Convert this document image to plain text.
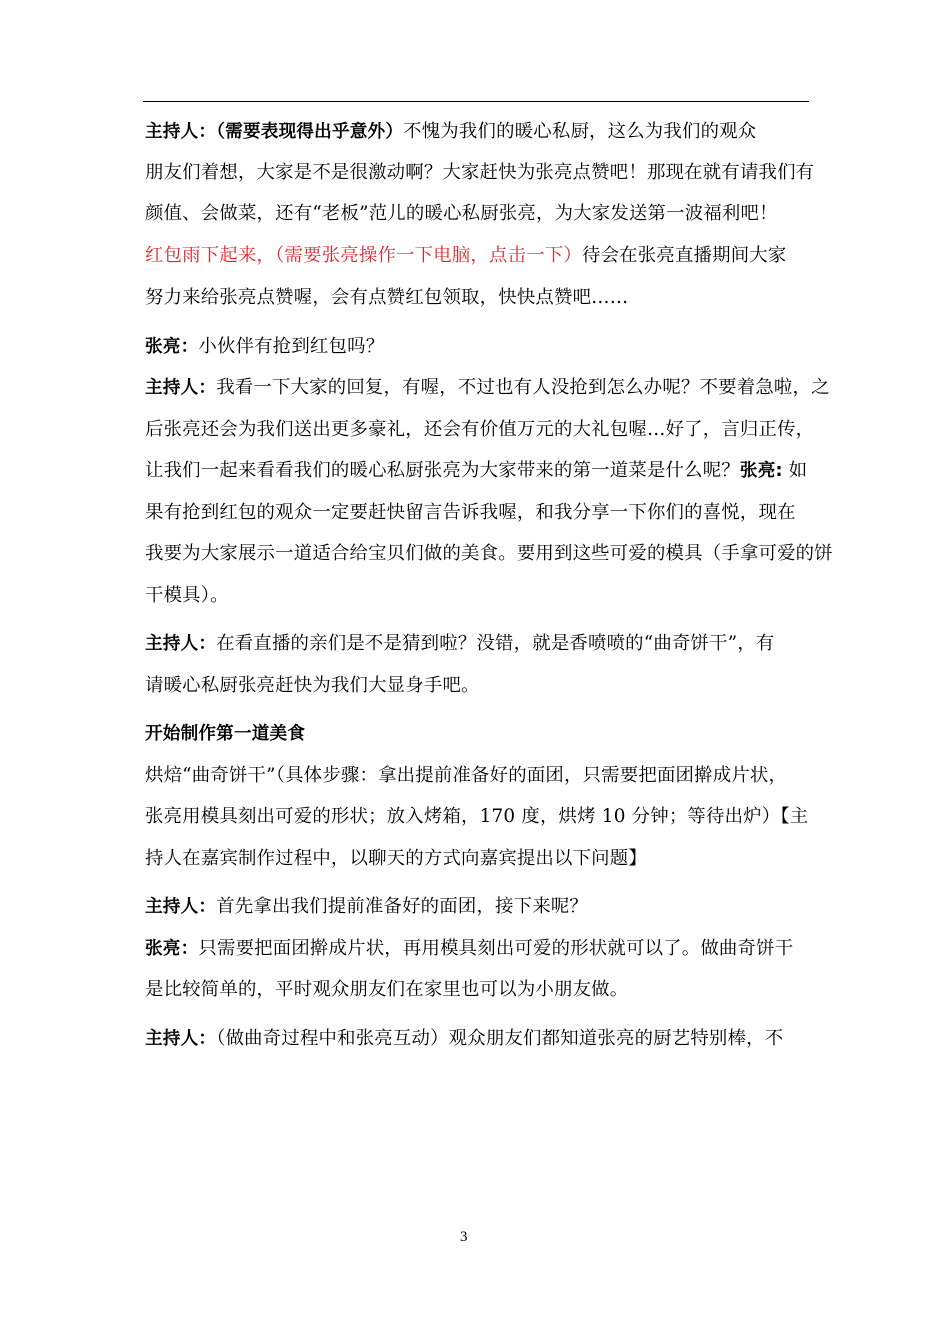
主持人：（需要表现得出乎意外）不愧为我们的暖心私厨，这么为我们的观众
朋友们着想，大家是不是很激动啊？大家赶快为张亮点赞吧！那现在就有请我们有
颜值、会做菜，还有“老板”范儿的暖心私厨张亮，为大家发送第一波福利吧！
红包雨下起来，（需要张亮操作一下电脑，点击一下）待会在张亮直播期间大家
努力来给张亮点赞喔，会有点赞红包领取，快快点赞吧……
张亮：小伙伴有抢到红包吗？
主持人：我看一下大家的回复，有喔，不过也有人没抢到怎么办呢？不要着急啦，之
后张亮还会为我们送出更多豪礼，还会有价值万元的大礼包喔…好了，言归正传，
让我们一起来看看我们的暖心私厨张亮为大家带来的第一道菜是什么呢？张亮: 如
果有抢到红包的观众一定要赶快留言告诉我喔，和我分享一下你们的喜悦，现在
我要为大家展示一道适合给宝贝们做的美食。要用到这些可爱的模具（手拿可爱的饼
干模具）。
主持人：在看直播的亲们是不是猜到啦？没错，就是香喷喷的“曲奇饼干”，有
请暖心私厨张亮赶快为我们大显身手吧。
开始制作第一道美食
烘焙“曲奇饼干”（具体步骤：拿出提前准备好的面团，只需要把面团擀成片状，
张亮用模具刻出可爱的形状；放入烤箱，170 度，烘烤 10 分钟；等待出炉）【主
持人在嘉宾制作过程中，以聊天的方式向嘉宾提出以下问题】
主持人：首先拿出我们提前准备好的面团，接下来呢？
张亮：只需要把面团擀成片状，再用模具刻出可爱的形状就可以了。做曲奇饼干
是比较简单的，平时观众朋友们在家里也可以为小朋友做。
主持人：（做曲奇过程中和张亮互动）观众朋友们都知道张亮的厨艺特别棒，不
3
